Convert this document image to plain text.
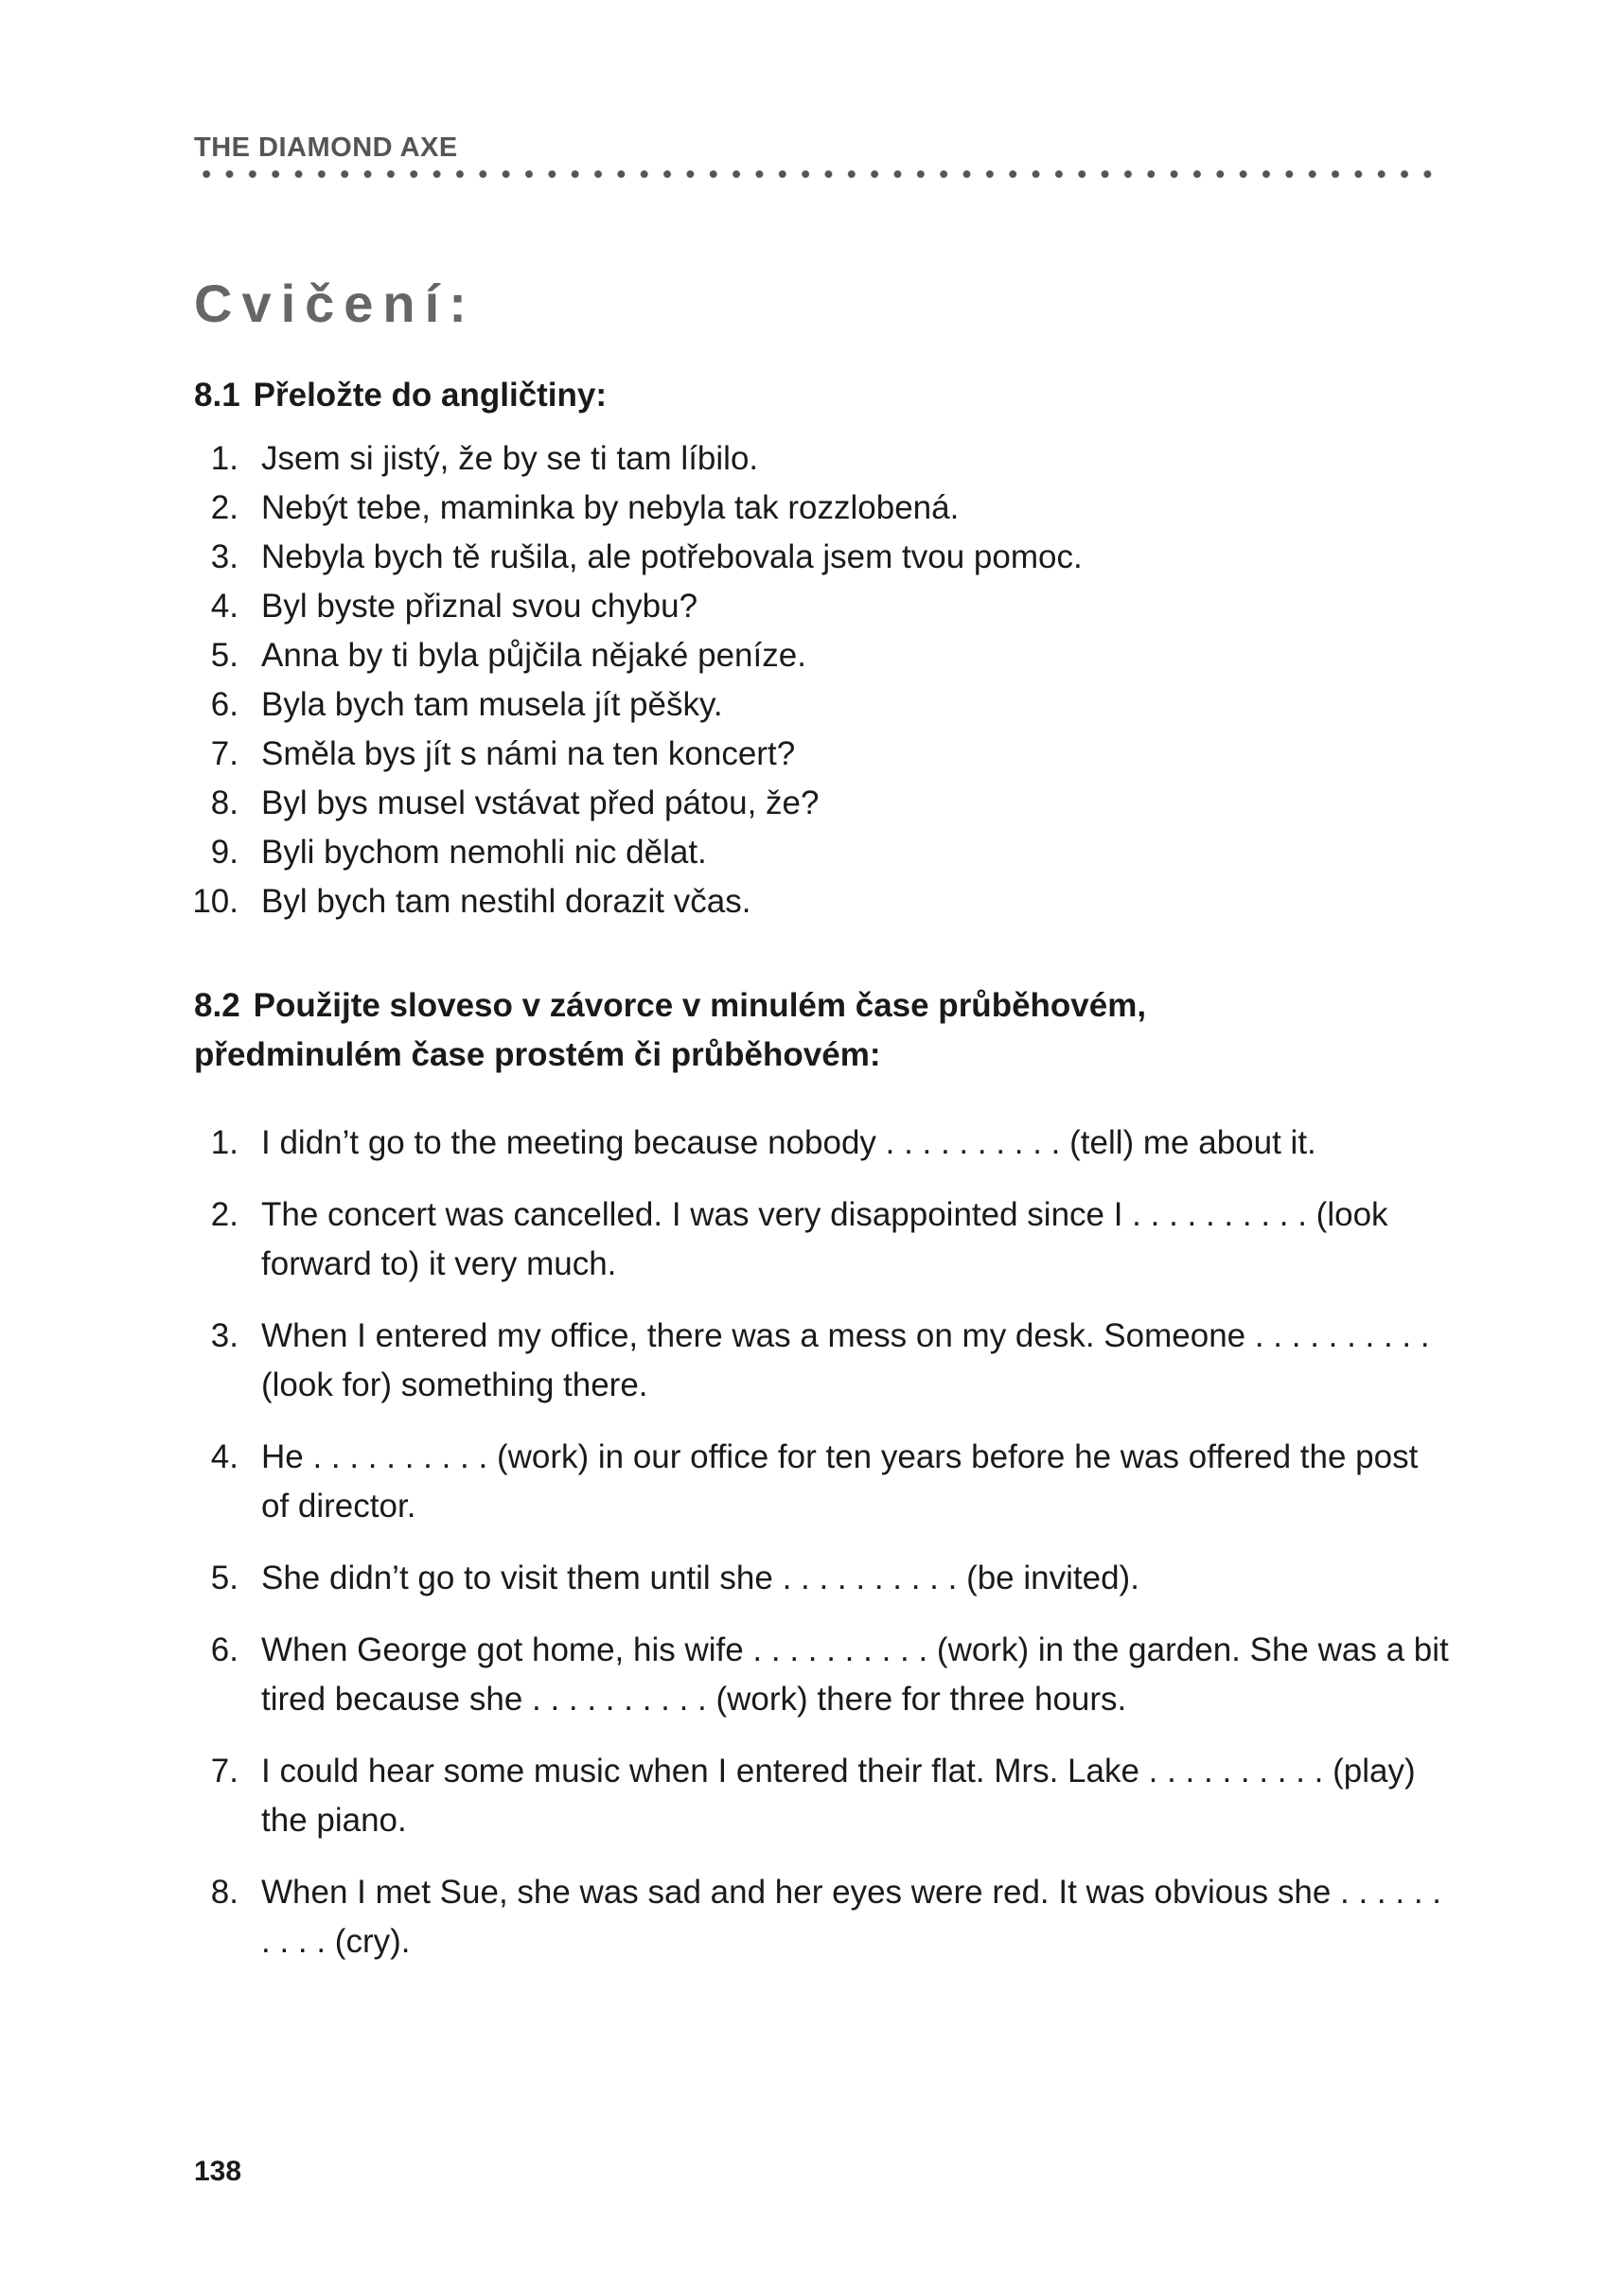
THE DIAMOND AXE
Cvičení:
8.1 Přeložte do angličtiny:
1. Jsem si jistý, že by se ti tam líbilo.
2. Nebýt tebe, maminka by nebyla tak rozzlobená.
3. Nebyla bych tě rušila, ale potřebovala jsem tvou pomoc.
4. Byl byste přiznal svou chybu?
5. Anna by ti byla půjčila nějaké peníze.
6. Byla bych tam musela jít pěšky.
7. Směla bys jít s námi na ten koncert?
8. Byl bys musel vstávat před pátou, že?
9. Byli bychom nemohli nic dělat.
10. Byl bych tam nestihl dorazit včas.
8.2 Použijte sloveso v závorce v minulém čase průběhovém,
předminulém čase prostém či průběhovém:
1. I didn’t go to the meeting because nobody . . . . . . . . . . (tell) me about it.
2. The concert was cancelled. I was very disappointed since I . . . . . . . . . . (look forward to) it very much.
3. When I entered my office, there was a mess on my desk. Someone . . . . . . . . . . (look for) something there.
4. He . . . . . . . . . . (work) in our office for ten years before he was offered the post of director.
5. She didn’t go to visit them until she . . . . . . . . . . (be invited).
6. When George got home, his wife . . . . . . . . . . (work) in the garden. She was a bit tired because she . . . . . . . . . . (work) there for three hours.
7. I could hear some music when I entered their flat. Mrs. Lake . . . . . . . . . . (play) the piano.
8. When I met Sue, she was sad and her eyes were red. It was obvious she . . . . . . . . . . (cry).
138
